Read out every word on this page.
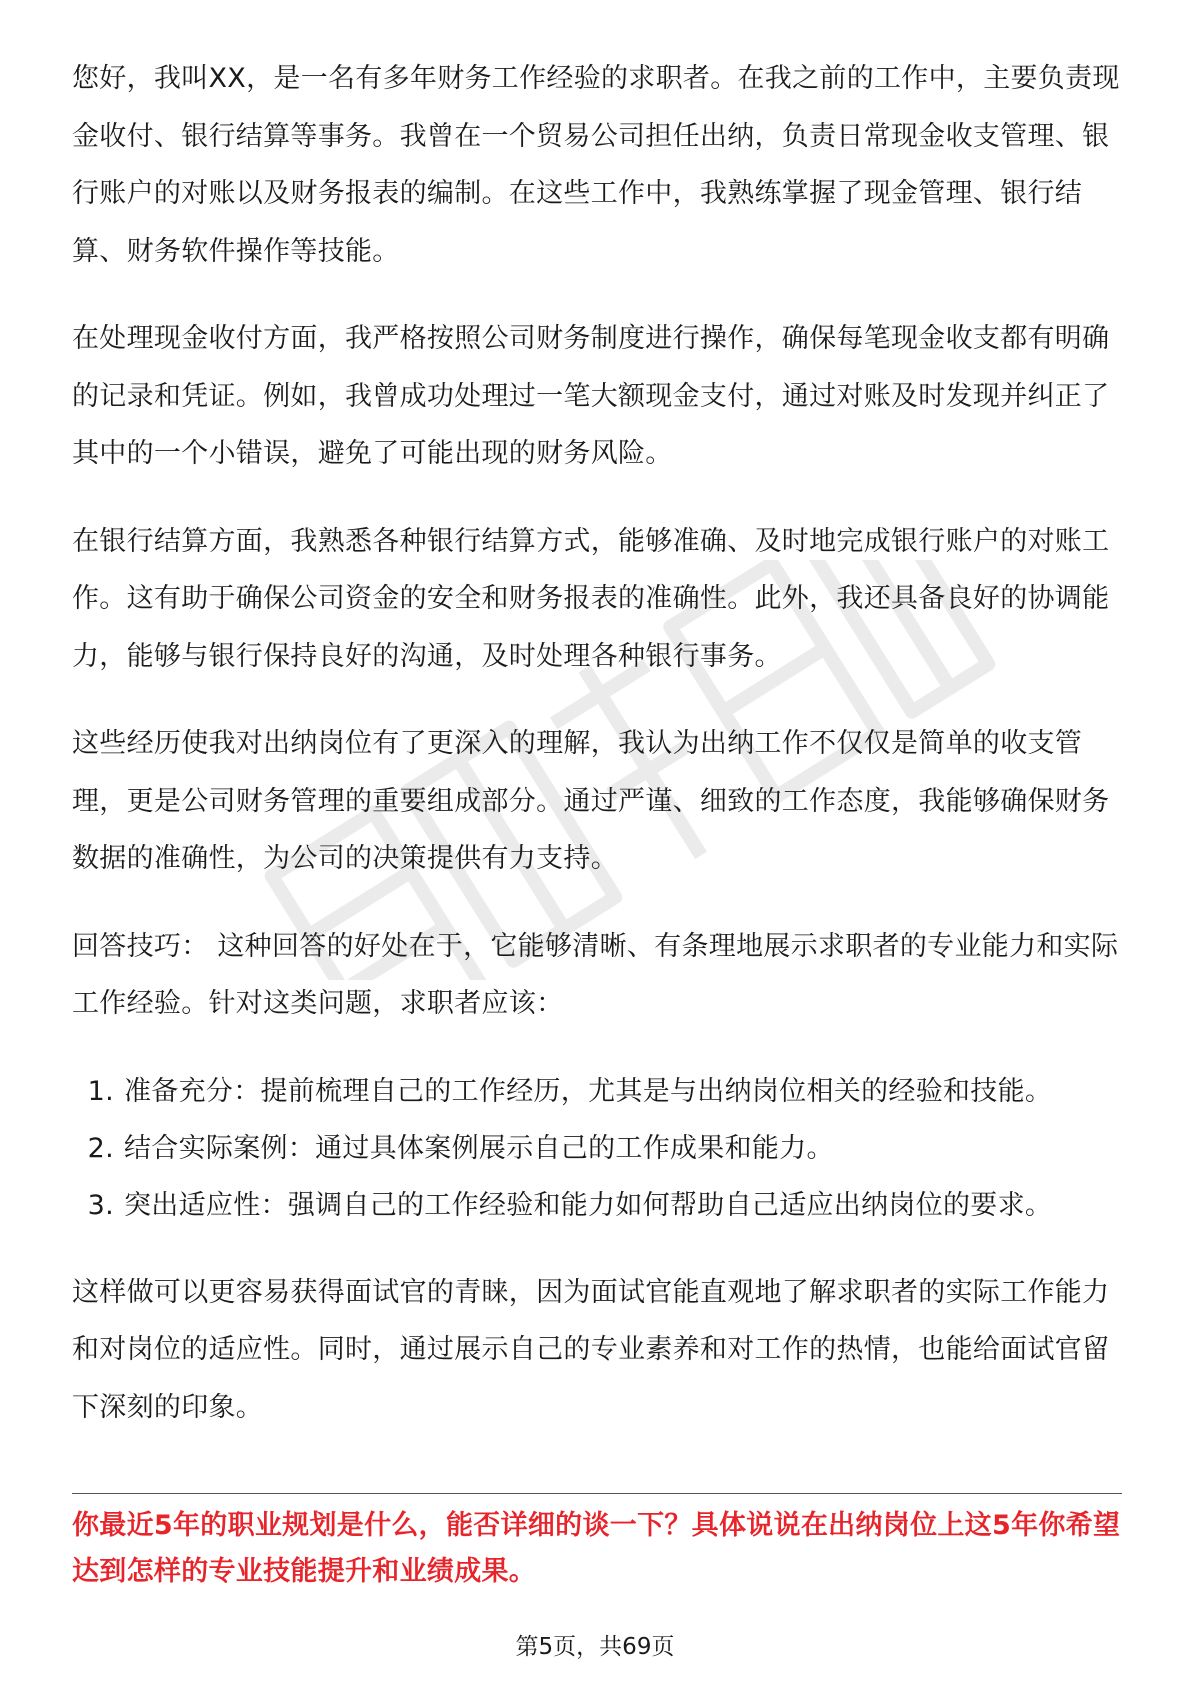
您好，我叫XX，是一名有多年财务工作经验的求职者。在我之前的工作中，主要负责现金收付、银行结算等事务。我曾在一个贸易公司担任出纳，负责日常现金收支管理、银行账户的对账以及财务报表的编制。在这些工作中，我熟练掌握了现金管理、银行结算、财务软件操作等技能。

在处理现金收付方面，我严格按照公司财务制度进行操作，确保每笔现金收支都有明确的记录和凭证。例如，我曾成功处理过一笔大额现金支付，通过对账及时发现并纠正了其中的一个小错误，避免了可能出现的财务风险。

在银行结算方面，我熟悉各种银行结算方式，能够准确、及时地完成银行账户的对账工作。这有助于确保公司资金的安全和财务报表的准确性。此外，我还具备良好的协调能力，能够与银行保持良好的沟通，及时处理各种银行事务。

这些经历使我对出纳岗位有了更深入的理解，我认为出纳工作不仅仅是简单的收支管理，更是公司财务管理的重要组成部分。通过严谨、细致的工作态度，我能够确保财务数据的准确性，为公司的决策提供有力支持。

回答技巧： 这种回答的好处在于，它能够清晰、有条理地展示求职者的专业能力和实际工作经验。针对这类问题，求职者应该：

1. 准备充分： 提前梳理自己的工作经历，尤其是与出纳岗位相关的经验和技能。
2. 结合实际案例： 通过具体案例展示自己的工作成果和能力。
3. 突出适应性： 强调自己的工作经验和能力如何帮助自己适应出纳岗位的要求。

这样做可以更容易获得面试官的青睐，因为面试官能直观地了解求职者的实际工作能力和对岗位的适应性。同时，通过展示自己的专业素养和对工作的热情，也能给面试官留下深刻的印象。

你最近5年的职业规划是什么，能否详细的谈一下？具体说说在出纳岗位上这5年你希望达到怎样的专业技能提升和业绩成果。
第5页，共69页
